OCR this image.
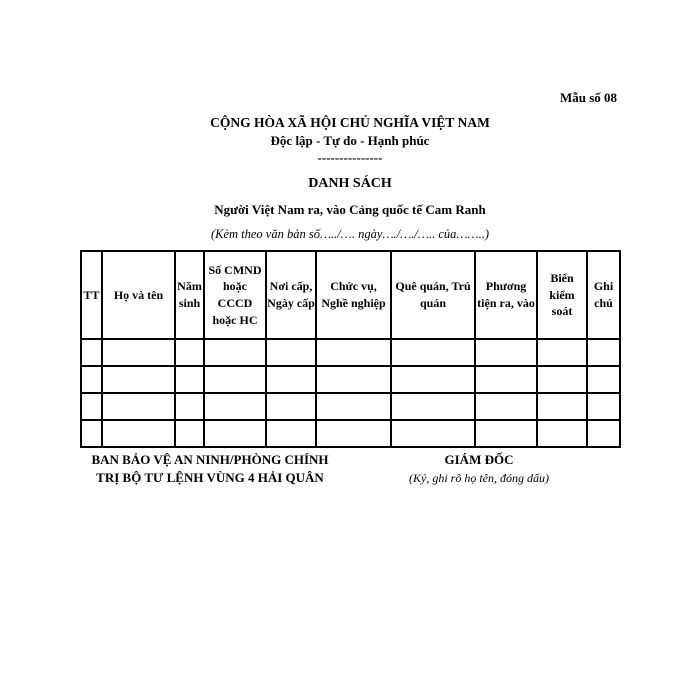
Mẫu số 08
CỘNG HÒA XÃ HỘI CHỦ NGHĨA VIỆT NAM
Độc lập - Tự do - Hạnh phúc
---------------
DANH SÁCH
Người Việt Nam ra, vào Cảng quốc tế Cam Ranh
(Kèm theo văn bản số…../…. ngày…./…./….. của……..)
TT	Họ và tên	Năm sinh	Số CMND hoặc CCCD hoặc HC	Nơi cấp, Ngày cấp	Chức vụ, Nghề nghiệp	Quê quán, Trú quán	Phương tiện ra, vào	Biển kiểm soát	Ghi chú

BAN BẢO VỆ AN NINH/PHÒNG CHÍNH
TRỊ BỘ TƯ LỆNH VÙNG 4 HẢI QUÂN
GIÁM ĐỐC
(Ký, ghi rõ họ tên, đóng dấu)
